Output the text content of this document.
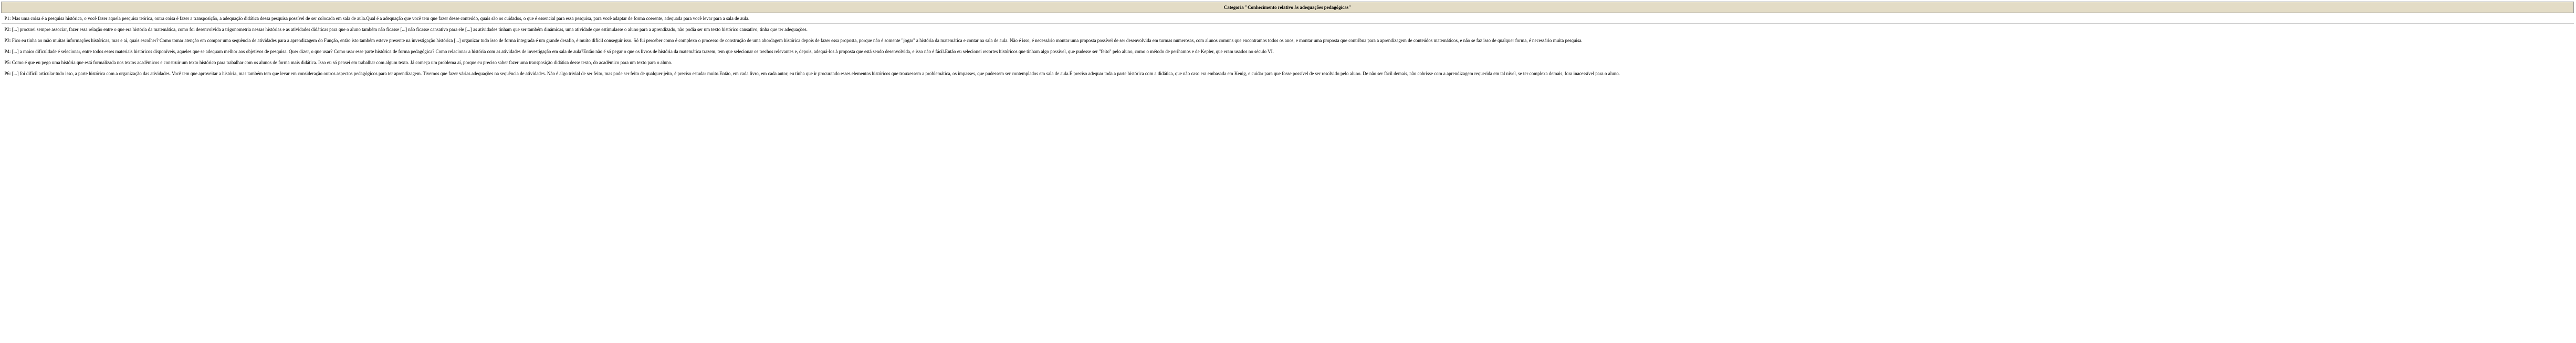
Categoria "Conhecimento relativo às adequações pedagógicas"
P1: Mas uma coisa é a pesquisa histórica, o você fazer aquela pesquisa teórica, outra coisa é fazer a transposição, a adequação didática dessa pesquisa possível de ser colocada em sala de aula.Qual é a adequação que você tem que fazer desse conteúdo, quais são os cuidados, o que é essencial para essa pesquisa, para você adaptar de forma coerente, adequada para você levar para a sala de aula.
P2: [...] procurei sempre associar, fazer essa relação entre o que era história da matemática, como foi desenvolvida a trigonometria nessas histórias e as atividades didáticas para que o aluno também não ficasse [...] não ficasse cansativo para ele [...] as atividades tinham que ser também dinâmicas, uma atividade que estimulasse o aluno para a aprendizado, não podia ser um texto histórico cansativo, tinha que ter adequações.
P3: Fico eu tinha ao mão muitas informações históricas, mas e aí, quais escolher? Como tomar atenção em compor uma sequência de atividades para a aprendizagem do Função, então isto também esteve presente na investigação histórica [...] organizar tudo isso de forma integrada é um grande desafio, é muito difícil conseguir isso. Só fui perceber como é complexo o processo de construção de uma abordagem histórica depois de fazer essa proposta, porque não é somente "jogar" a história da matemática e contar na sala de aula. Não é isso, é necessário montar uma proposta possível de ser desenvolvida em turmas numerosas, com alunos comuns que encontramos todos os anos, e montar uma proposta que contribua para a aprendizagem de conteúdos matemáticos, e não se faz isso de qualquer forma, é necessário muita pesquisa.
P4: [...] a maior dificuldade é selecionar, entre todos esses materiais históricos disponíveis, aqueles que se adequam melhor aos objetivos de pesquisa. Quer dizer, o que usar? Como usar esse parte histórica de forma pedagógica? Como relacionar a história com as atividades de investigação em sala de aula?Então não é só pegar o que os livros de história da matemática trazem, tem que selecionar os trechos relevantes e, depois, adequá-los à proposta que está sendo desenvolvida, e isso não é fácil.Então eu selecionei recortes históricos que tinham algo possível, que pudesse ser "feito" pelo aluno, como o método de perihamos e de Kepler, que eram usados no século VI.
P5: Como é que eu pego uma história que está formalizada nos textos acadêmicos e construir um texto histórico para trabalhar com os alunos de forma mais didática. Isso eu só pensei em trabalhar com algum texto. Já começa um problema aí, porque eu preciso saber fazer uma transposição didática desse texto, do acadêmico para um texto para o aluno.
P6: [...] foi difícil articular tudo isso, a parte histórica com a organização das atividades. Você tem que aproveitar a história, mas também tem que levar em consideração outros aspectos pedagógicos para ter aprendizagem. Tivemos que fazer várias adequações na sequência de atividades. Não é algo trivial de ser feito, mas pode ser feito de qualquer jeito, é preciso estudar muito.Então, em cada livro, em cada autor, eu tinha que ir procurando esses elementos históricos que trouxessem a problemática, os impasses, que pudessem ser contemplados em sala de aula.É preciso adequar toda a parte histórica com a didática, que não caso era embasada em Kenig, e cuidar para que fosse possível de ser resolvido pelo aluno. De não ser fácil demais, não cobrisse com a aprendizagem requerida em tal nível, se ter complexa demais, fora inacessível para o aluno.
